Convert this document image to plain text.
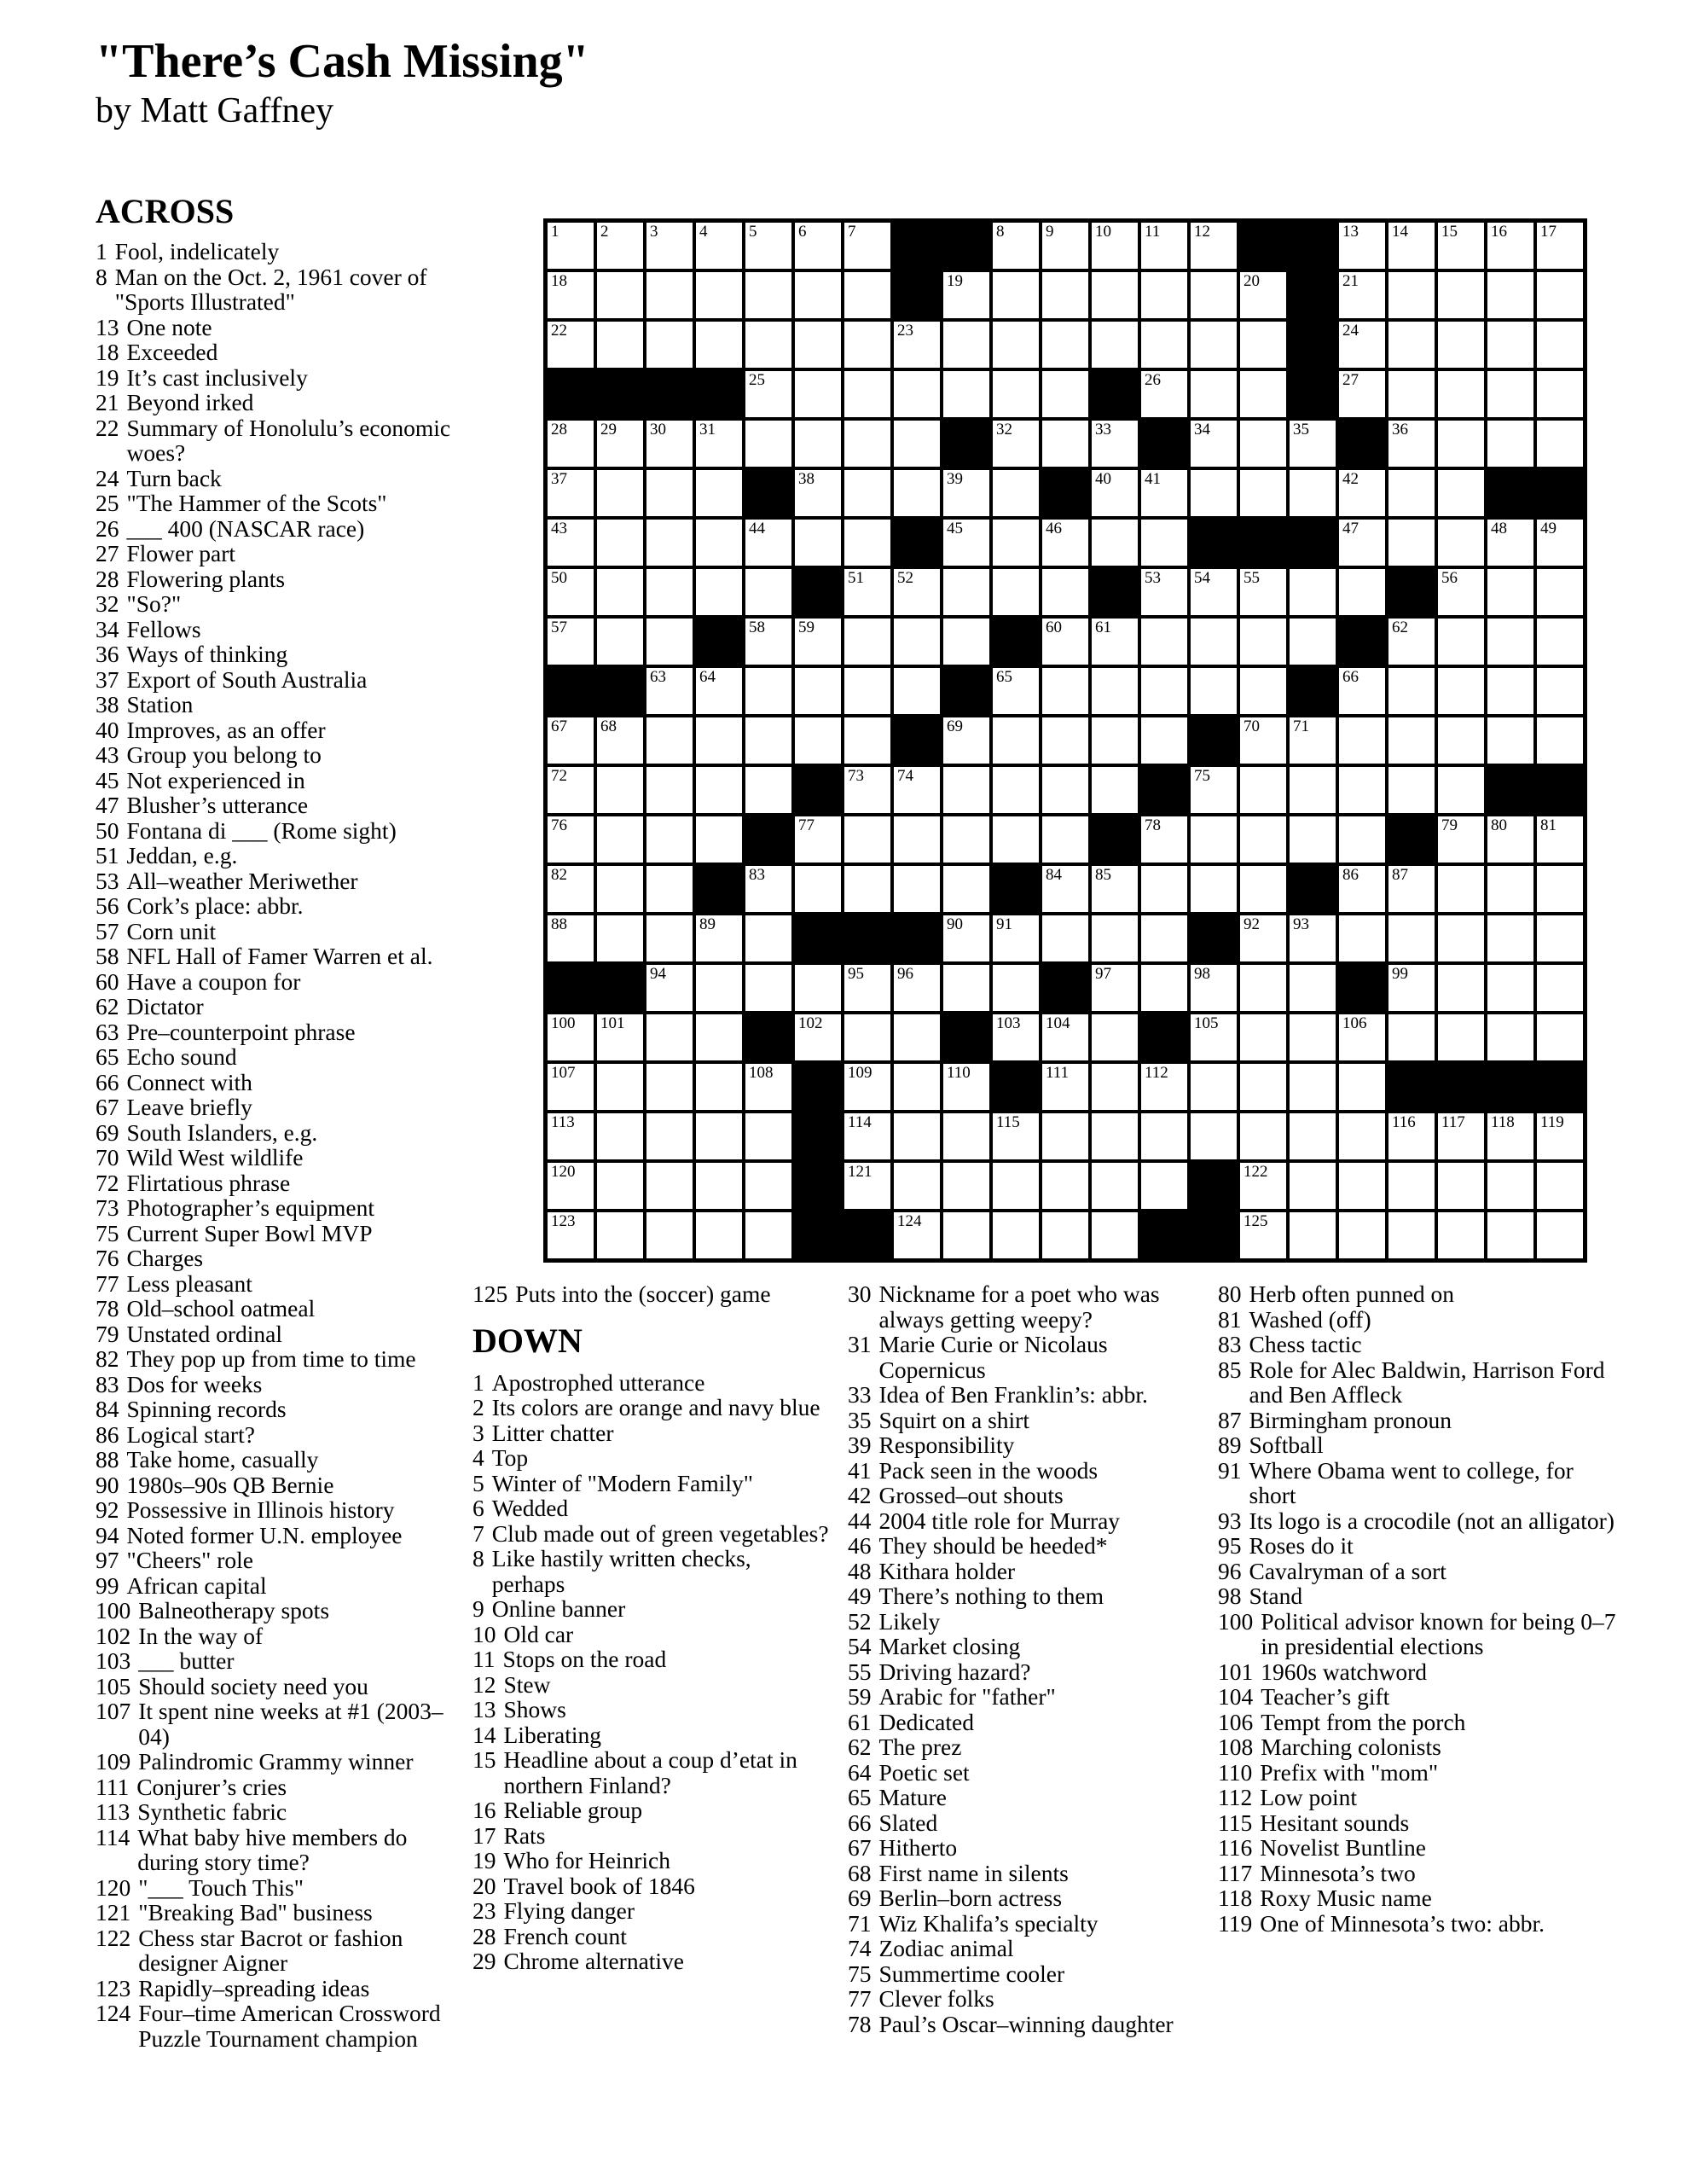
"There’s Cash Missing"
by Matt Gaffney
ACROSS
1 Fool, indelicately
8 Man on the Oct. 2, 1961 cover of "Sports Illustrated"
13 One note
18 Exceeded
19 It’s cast inclusively
21 Beyond irked
22 Summary of Honolulu’s economic woes?
24 Turn back
25 "The Hammer of the Scots"
26 ___ 400 (NASCAR race)
27 Flower part
28 Flowering plants
32 "So?"
34 Fellows
36 Ways of thinking
37 Export of South Australia
38 Station
40 Improves, as an offer
43 Group you belong to
45 Not experienced in
47 Blusher’s utterance
50 Fontana di ___ (Rome sight)
51 Jeddan, e.g.
53 All–weather Meriwether
56 Cork’s place: abbr.
57 Corn unit
58 NFL Hall of Famer Warren et al.
60 Have a coupon for
62 Dictator
63 Pre–counterpoint phrase
65 Echo sound
66 Connect with
67 Leave briefly
69 South Islanders, e.g.
70 Wild West wildlife
72 Flirtatious phrase
73 Photographer’s equipment
75 Current Super Bowl MVP
76 Charges
77 Less pleasant
78 Old–school oatmeal
79 Unstated ordinal
82 They pop up from time to time
83 Dos for weeks
84 Spinning records
86 Logical start?
88 Take home, casually
90 1980s–90s QB Bernie
92 Possessive in Illinois history
94 Noted former U.N. employee
97 "Cheers" role
99 African capital
100 Balneotherapy spots
102 In the way of
103 ___ butter
105 Should society need you
107 It spent nine weeks at #1 (2003–04)
109 Palindromic Grammy winner
111 Conjurer’s cries
113 Synthetic fabric
114 What baby hive members do during story time?
120 "___ Touch This"
121 "Breaking Bad" business
122 Chess star Bacrot or fashion designer Aigner
123 Rapidly–spreading ideas
124 Four–time American Crossword Puzzle Tournament champion
1	2	3	4	5	6	7	8	9	10 11 12	13 14 15 16 17
18	19	20	21
22	23	24
25	26	27
28 29 30 31	32	33	34	35	36
37	38	39	40 41	42
43	44	45	46	47	48 49
50	51 52	53 54 55	56
57	58 59	60 61	62
63 64	65	66
67 68	69	70 71
72	73 74	75
76	77	78	79 80 81
82	83	84 85	86 87
88	89	90 91	92 93
94	95 96	97	98	99
100 101	102	103 104	105	106
107	108	109	110	111	112
113	114	115	116 117 118 119
120	121	122
123	124	125
125 Puts into the (soccer) game
DOWN
1 Apostrophed utterance
2 Its colors are orange and navy blue
3 Litter chatter
4 Top
5 Winter of "Modern Family"
6 Wedded
7 Club made out of green vegetables?
8 Like hastily written checks, perhaps
9 Online banner
10 Old car
11 Stops on the road
12 Stew
13 Shows
14 Liberating
15 Headline about a coup d’etat in northern Finland?
16 Reliable group
17 Rats
19 Who for Heinrich
20 Travel book of 1846
23 Flying danger
28 French count
29 Chrome alternative
30 Nickname for a poet who was always getting weepy?
31 Marie Curie or Nicolaus Copernicus
33 Idea of Ben Franklin’s: abbr.
35 Squirt on a shirt
39 Responsibility
41 Pack seen in the woods
42 Grossed–out shouts
44 2004 title role for Murray
46 They should be heeded*
48 Kithara holder
49 There’s nothing to them
52 Likely
54 Market closing
55 Driving hazard?
59 Arabic for "father"
61 Dedicated
62 The prez
64 Poetic set
65 Mature
66 Slated
67 Hitherto
68 First name in silents
69 Berlin–born actress
71 Wiz Khalifa’s specialty
74 Zodiac animal
75 Summertime cooler
77 Clever folks
78 Paul’s Oscar–winning daughter
80 Herb often punned on
81 Washed (off)
83 Chess tactic
85 Role for Alec Baldwin, Harrison Ford and Ben Affleck
87 Birmingham pronoun
89 Softball
91 Where Obama went to college, for short
93 Its logo is a crocodile (not an alligator)
95 Roses do it
96 Cavalryman of a sort
98 Stand
100 Political advisor known for being 0–7 in presidential elections
101 1960s watchword
104 Teacher’s gift
106 Tempt from the porch
108 Marching colonists
110 Prefix with "mom"
112 Low point
115 Hesitant sounds
116 Novelist Buntline
117 Minnesota’s two
118 Roxy Music name
119 One of Minnesota’s two: abbr.
